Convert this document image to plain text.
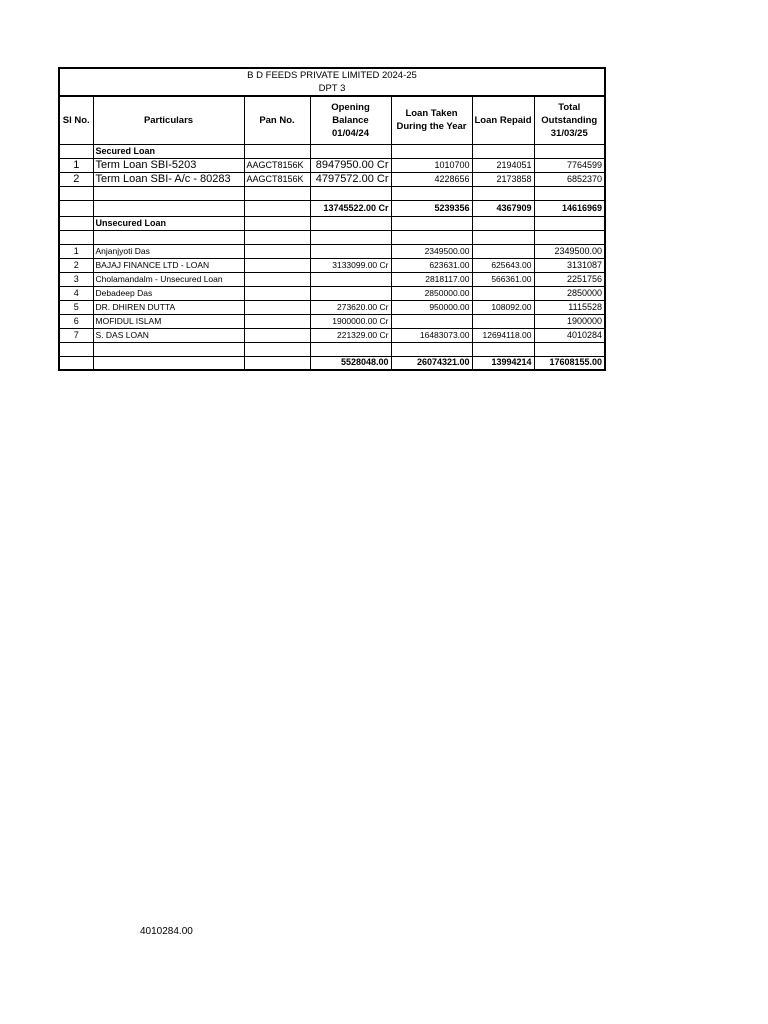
B D FEEDS PRIVATE LIMITED 2024-25						
DPT 3						
Sl No.	Particulars	Pan No.	Opening Balance 01/04/24	Loan Taken During the Year	Loan Repaid	Total Outstanding 31/03/25
	Secured Loan					
1	Term Loan SBI-5203	AAGCT8156K	8947950.00 Cr	1010700	2194051	7764599
2	Term Loan SBI- A/c - 80283	AAGCT8156K	4797572.00 Cr	4228656	2173858	6852370

			13745522.00 Cr	5239356	4367909	14616969
	Unsecured Loan					

1	Anjanjyoti Das			2349500.00		2349500.00
2	BAJAJ FINANCE LTD - LOAN		3133099.00 Cr	623631.00	625643.00	3131087
3	Cholamandalm - Unsecured Loan			2818117.00	566361.00	2251756
4	Debadeep Das			2850000.00		2850000
5	DR. DHIREN DUTTA		273620.00 Cr	950000.00	108092.00	1115528
6	MOFIDUL ISLAM		1900000.00 Cr			1900000
7	S. DAS LOAN		221329.00 Cr	16483073.00	12694118.00	4010284

			5528048.00	26074321.00	13994214	17608155.00
4010284.00
